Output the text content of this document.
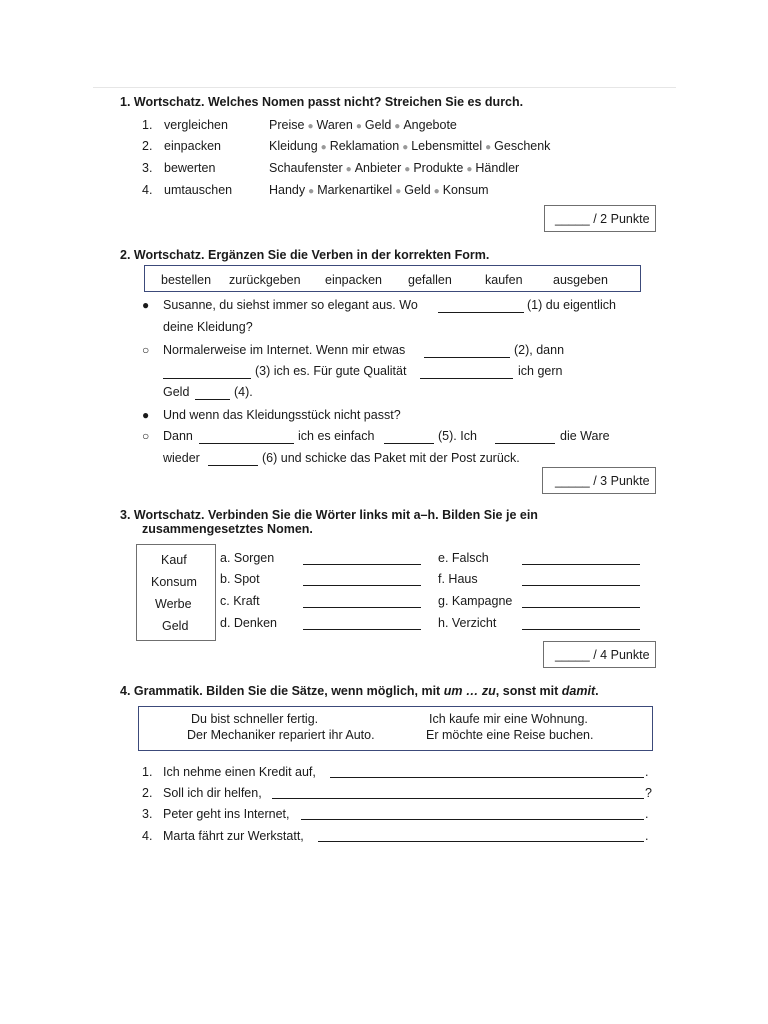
1. Wortschatz. Welches Nomen passt nicht? Streichen Sie es durch.
1. vergleichen	Preise ● Waren ● Geld ● Angebote
2. einpacken	Kleidung ● Reklamation ● Lebensmittel ● Geschenk
3. bewerten	Schaufenster ● Anbieter ● Produkte ● Händler
4. umtauschen	Handy ● Markenartikel ● Geld ● Konsum
_____ / 2 Punkte
2. Wortschatz. Ergänzen Sie die Verben in der korrekten Form.
bestellen zurückgeben einpacken gefallen	kaufen ausgeben
● Susanne, du siehst immer so elegant aus. Wo	(1) du eigentlich
deine Kleidung?
○ Normalerweise im Internet. Wenn mir etwas	(2), dann
(3) ich es. Für gute Qualität	ich gern
Geld	(4).
● Und wenn das Kleidungsstück nicht passt?
○ Dann	ich es einfach	(5). Ich	die Ware
wieder	(6) und schicke das Paket mit der Post zurück.
_____ / 3 Punkte
3. Wortschatz. Verbinden Sie die Wörter links mit a–h. Bilden Sie je ein
zusammengesetztes Nomen.
Kauf
Konsum
Werbe
Geld
a. Sorgen	e. Falsch
b. Spot	f. Haus
c. Kraft	g. Kampagne
d. Denken	h. Verzicht
_____ / 4 Punkte
4. Grammatik. Bilden Sie die Sätze, wenn möglich, mit um … zu, sonst mit damit.
Du bist schneller fertig.	Ich kaufe mir eine Wohnung.
Der Mechaniker repariert ihr Auto.	Er möchte eine Reise buchen.
1. Ich nehme einen Kredit auf,	.
2. Soll ich dir helfen,	?
3. Peter geht ins Internet,	.
4. Marta fährt zur Werkstatt,	.
